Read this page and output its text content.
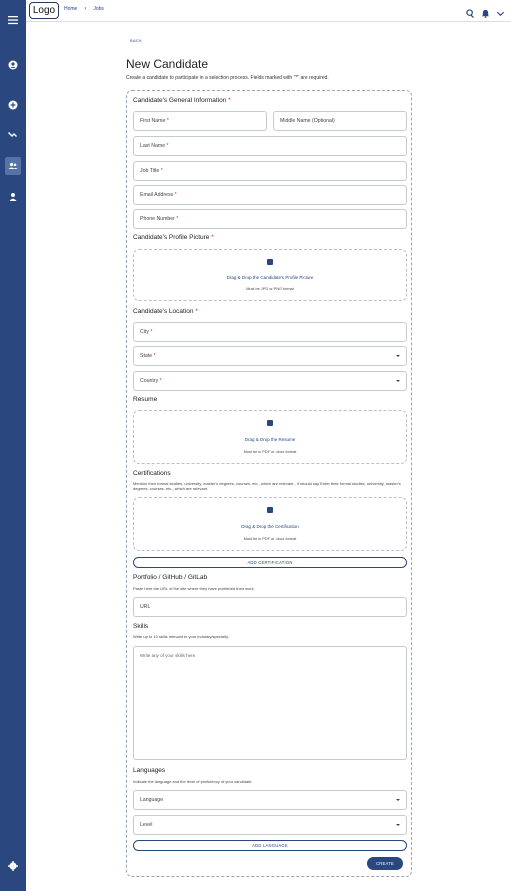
Logo	Home › Jobs
BACK
New Candidate
Create a candidate to participate in a selection process. Fields marked with "*" are required.
Candidate's General Information *
First Name *	Middle Name (Optional)
Last Name *
Job Title *
Email Address *
Phone Number *
Candidate's Profile Picture *
Drag & Drop the Candidate's Profile Picture
Must be JPG or PNG format
Candidate's Location *
City *
State *
Country *
Resume
Drag & Drop the Resume
Must be in PDF or .docx format
Certifications
Mention their formal studies, university, master's degrees, courses, etc., which are relevant - it should say Enter their formal studies, university, master's degrees, courses, etc., which are relevant.
Drag & Drop the Certification
Must be in PDF or .docx format
ADD CERTIFICATION
Portfolio / GitHub / GitLab
Paste here the URL of the site where they have published their work.
URL
Skills
Write up to 10 skills relevant to your industry/specialty.
Write any of your skills here.
Languages
Indicate the language and the level of proficiency of your candidate.
Language
Level
ADD LANGUAGE
CREATE
